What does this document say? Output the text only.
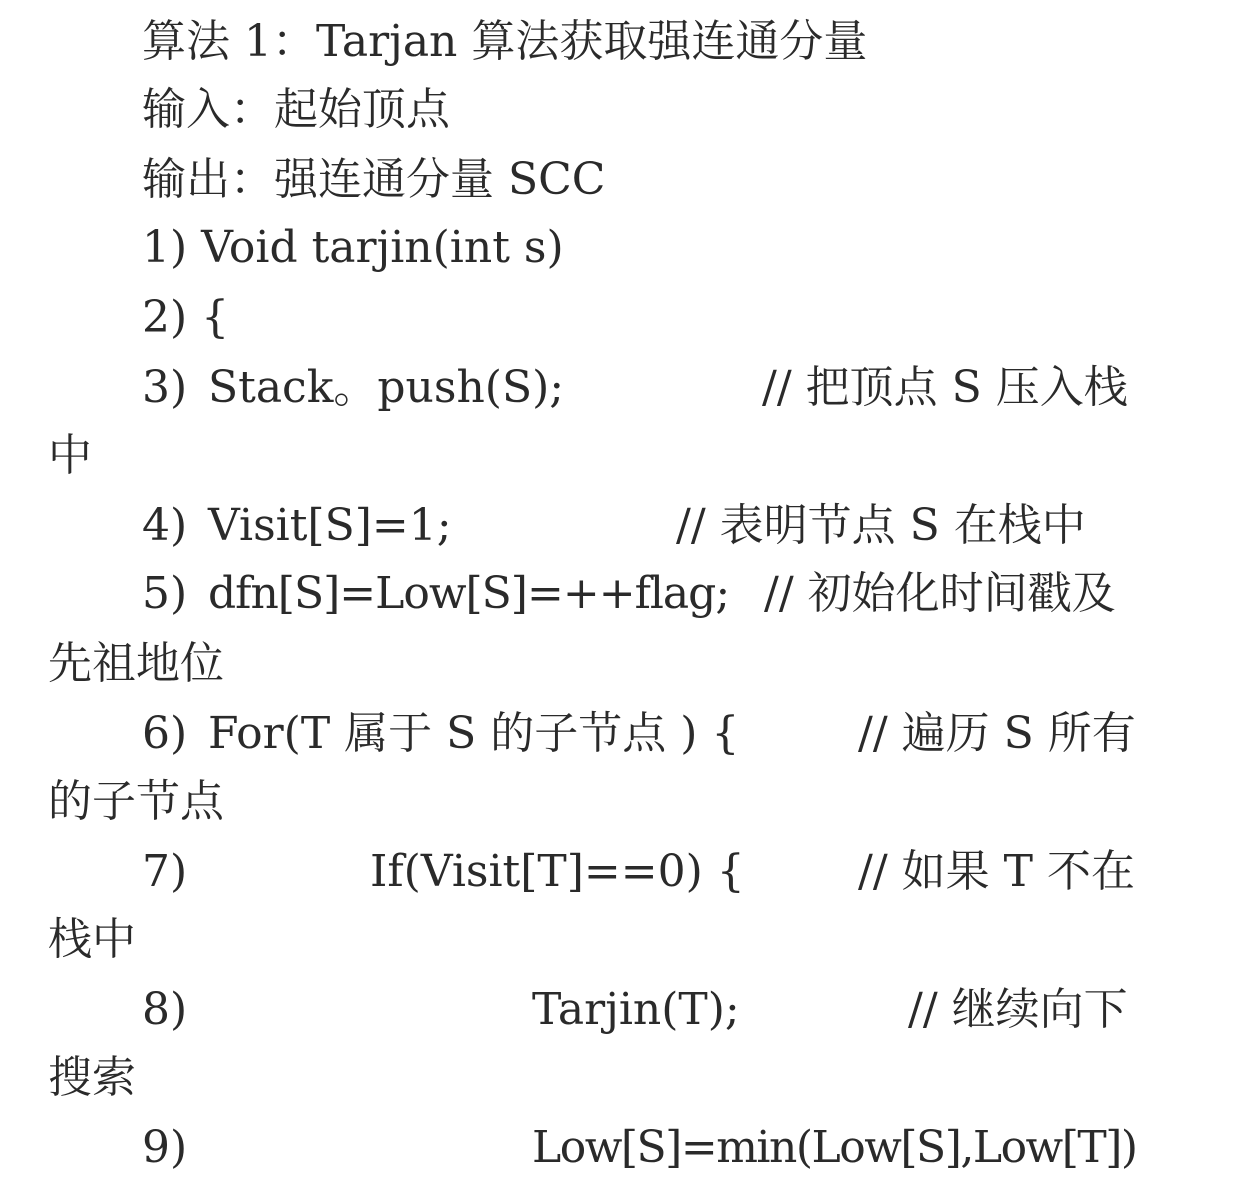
算法 1：Tarjan 算法获取强连通分量
输入：起始顶点
输出：强连通分量 SCC
1) Void tarjin(int s)
2) {
3) Stack。push(S);	// 把顶点 S 压入栈
中
4) Visit[S]=1;	// 表明节点 S 在栈中
5) dfn[S]=Low[S]=++flag; // 初始化时间戳及
先祖地位
6) For(T 属于 S 的子节点 ) {	// 遍历 S 所有
的子节点
7)	If(Visit[T]==0) {	// 如果 T 不在
栈中
8)	Tarjin(T);	// 继续向下
搜索
9)	Low[S]=min(Low[S],Low[T])
